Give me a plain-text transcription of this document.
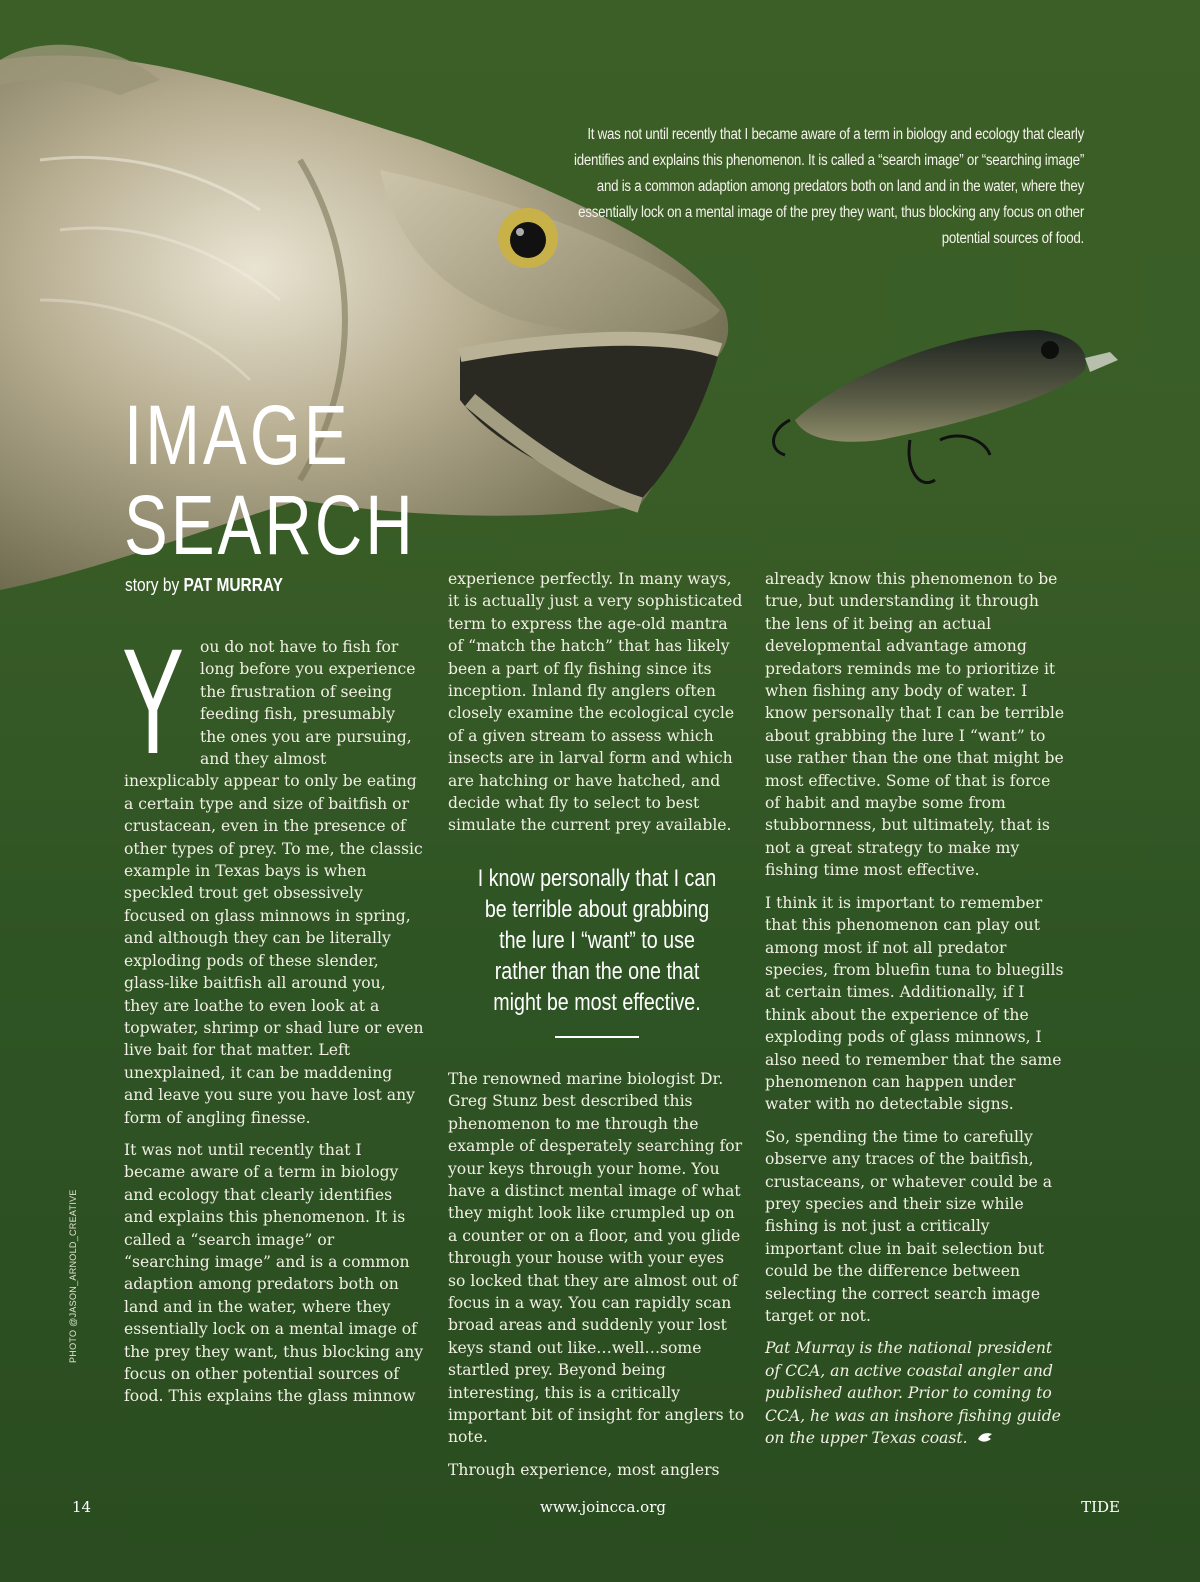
It was not until recently that I became aware of a term in biology and ecology that clearly identifies and explains this phenomenon. It is called a “search image” or “searching image” and is a common adaption among predators both on land and in the water, where they essentially lock on a mental image of the prey they want, thus blocking any focus on other potential sources of food.
IMAGE
SEARCH
story by PAT MURRAY

Y ou do not have to fish for long before you experience the frustration of seeing feeding fish, presumably the ones you are pursuing, and they almost inexplicably appear to only be eating a certain type and size of baitfish or crustacean, even in the presence of other types of prey. To me, the classic example in Texas bays is when speckled trout get obsessively focused on glass minnows in spring, and although they can be literally exploding pods of these slender, glass-like baitfish all around you, they are loathe to even look at a topwater, shrimp or shad lure or even live bait for that matter. Left unexplained, it can be maddening and leave you sure you have lost any form of angling finesse.

It was not until recently that I became aware of a term in biology and ecology that clearly identifies and explains this phenomenon. It is called a “search image” or “searching image” and is a common adaption among predators both on land and in the water, where they essentially lock on a mental image of the prey they want, thus blocking any focus on other potential sources of food. This explains the glass minnow

experience perfectly. In many ways, it is actually just a very sophisticated term to express the age-old mantra of “match the hatch” that has likely been a part of fly fishing since its inception. Inland fly anglers often closely examine the ecological cycle of a given stream to assess which insects are in larval form and which are hatching or have hatched, and decide what fly to select to best simulate the current prey available.

I know personally that I can be terrible about grabbing the lure I “want” to use rather than the one that might be most effective.

The renowned marine biologist Dr. Greg Stunz best described this phenomenon to me through the example of desperately searching for your keys through your home. You have a distinct mental image of what they might look like crumpled up on a counter or on a floor, and you glide through your house with your eyes so locked that they are almost out of focus in a way. You can rapidly scan broad areas and suddenly your lost keys stand out like…well…some startled prey. Beyond being interesting, this is a critically important bit of insight for anglers to note.

Through experience, most anglers

already know this phenomenon to be true, but understanding it through the lens of it being an actual developmental advantage among predators reminds me to prioritize it when fishing any body of water. I know personally that I can be terrible about grabbing the lure I “want” to use rather than the one that might be most effective. Some of that is force of habit and maybe some from stubbornness, but ultimately, that is not a great strategy to make my fishing time most effective.

I think it is important to remember that this phenomenon can play out among most if not all predator species, from bluefin tuna to bluegills at certain times. Additionally, if I think about the experience of the exploding pods of glass minnows, I also need to remember that the same phenomenon can happen under water with no detectable signs.

So, spending the time to carefully observe any traces of the baitfish, crustaceans, or whatever could be a prey species and their size while fishing is not just a critically important clue in bait selection but could be the difference between selecting the correct search image target or not.

Pat Murray is the national president of CCA, an active coastal angler and published author. Prior to coming to CCA, he was an inshore fishing guide on the upper Texas coast.

PHOTO @JASON_ARNOLD_CREATIVE
14	www.joincca.org	TIDE
